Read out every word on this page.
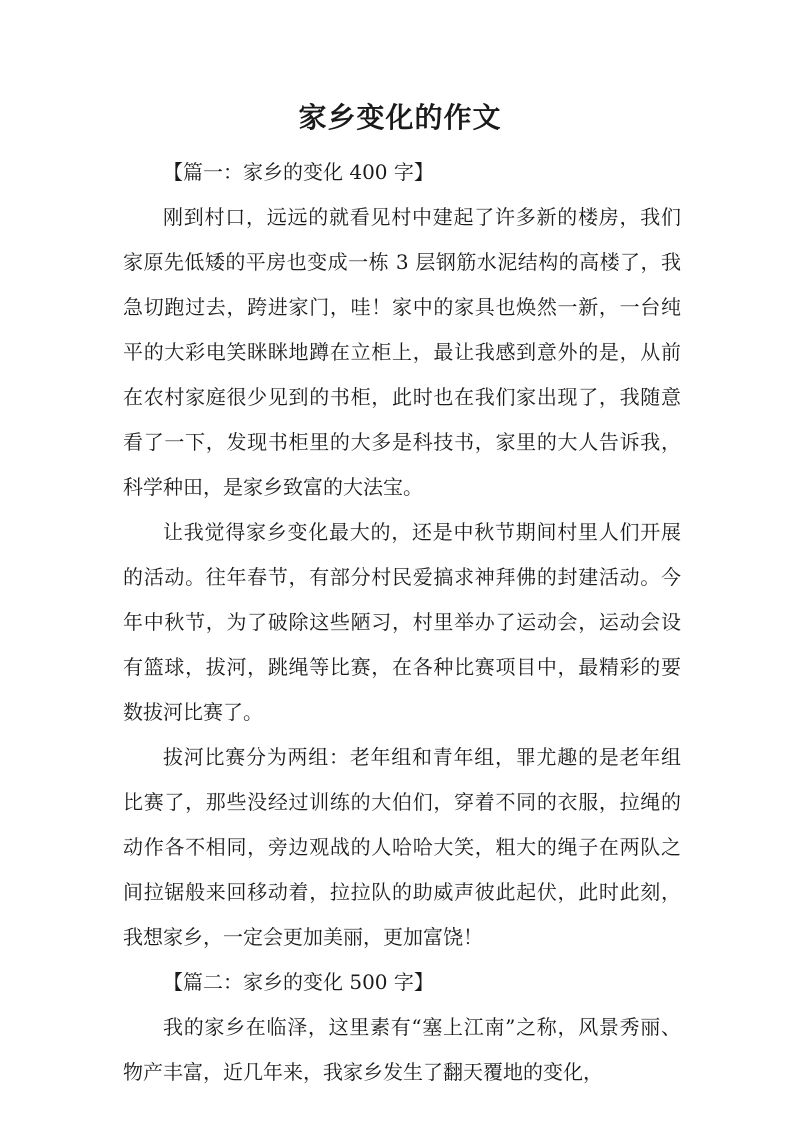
家乡变化的作文

【篇一：家乡的变化 400 字】

刚到村口，远远的就看见村中建起了许多新的楼房，我们家原先低矮的平房也变成一栋 3 层钢筋水泥结构的高楼了，我急切跑过去，跨进家门，哇！家中的家具也焕然一新，一台纯平的大彩电笑眯眯地蹲在立柜上，最让我感到意外的是，从前在农村家庭很少见到的书柜，此时也在我们家出现了，我随意看了一下，发现书柜里的大多是科技书，家里的大人告诉我，科学种田，是家乡致富的大法宝。

让我觉得家乡变化最大的，还是中秋节期间村里人们开展的活动。往年春节，有部分村民爱搞求神拜佛的封建活动。今年中秋节，为了破除这些陋习，村里举办了运动会，运动会设有篮球，拔河，跳绳等比赛，在各种比赛项目中，最精彩的要数拔河比赛了。

拔河比赛分为两组：老年组和青年组，罪尤趣的是老年组比赛了，那些没经过训练的大伯们，穿着不同的衣服，拉绳的动作各不相同，旁边观战的人哈哈大笑，粗大的绳子在两队之间拉锯般来回移动着，拉拉队的助威声彼此起伏，此时此刻，我想家乡，一定会更加美丽，更加富饶！

【篇二：家乡的变化 500 字】

我的家乡在临泽，这里素有“塞上江南”之称，风景秀丽、物产丰富，近几年来，我家乡发生了翻天覆地的变化，
